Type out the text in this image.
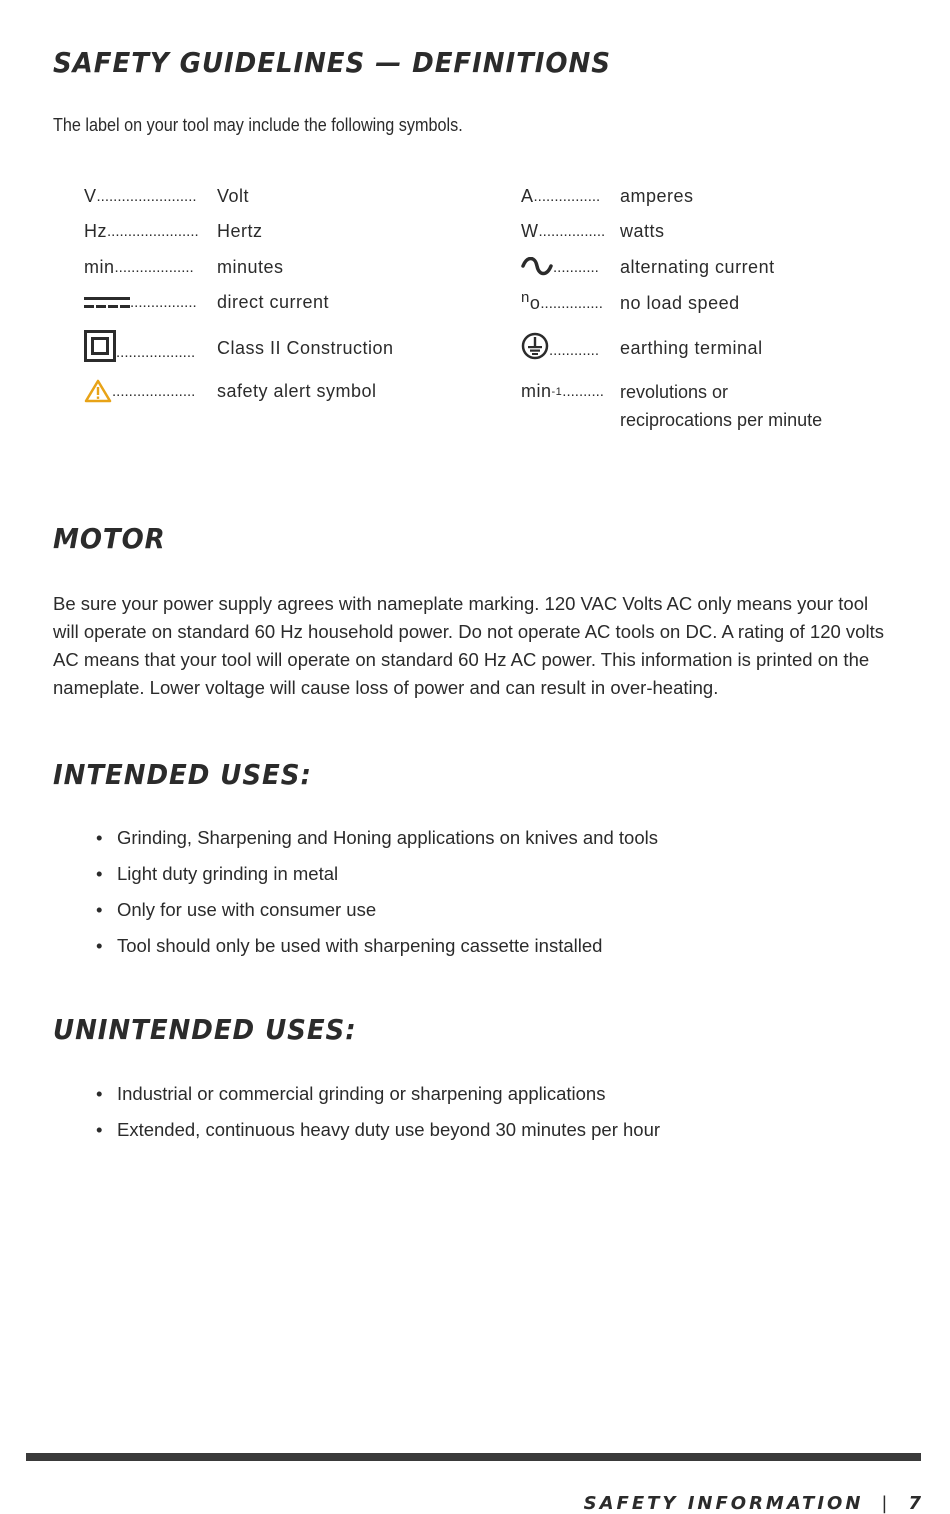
SAFETY GUIDELINES — DEFINITIONS
The label on your tool may include the following symbols.
V ........................ Volt
Hz ...................... Hertz
min ................... minutes
................ direct current
................... Class II Construction
.................... safety alert symbol
A ................ amperes
W ................ watts
........... alternating current
n o ............... no load speed
............ earthing terminal
min -1 .......... revolutions or
reciprocations per minute
MOTOR

Be sure your power supply agrees with nameplate marking. 120 VAC Volts AC only means your tool will operate on standard 60 Hz household power. Do not operate AC tools on DC. A rating of 120 volts AC means that your tool will operate on standard 60 Hz AC power. This information is printed on the nameplate. Lower voltage will cause loss of power and can result in over-heating.

INTENDED USES:
• Grinding, Sharpening and Honing applications on knives and tools
• Light duty grinding in metal
• Only for use with consumer use
• Tool should only be used with sharpening cassette installed
UNINTENDED USES:
• Industrial or commercial grinding or sharpening applications
• Extended, continuous heavy duty use beyond 30 minutes per hour
SAFETY INFORMATION | 7
